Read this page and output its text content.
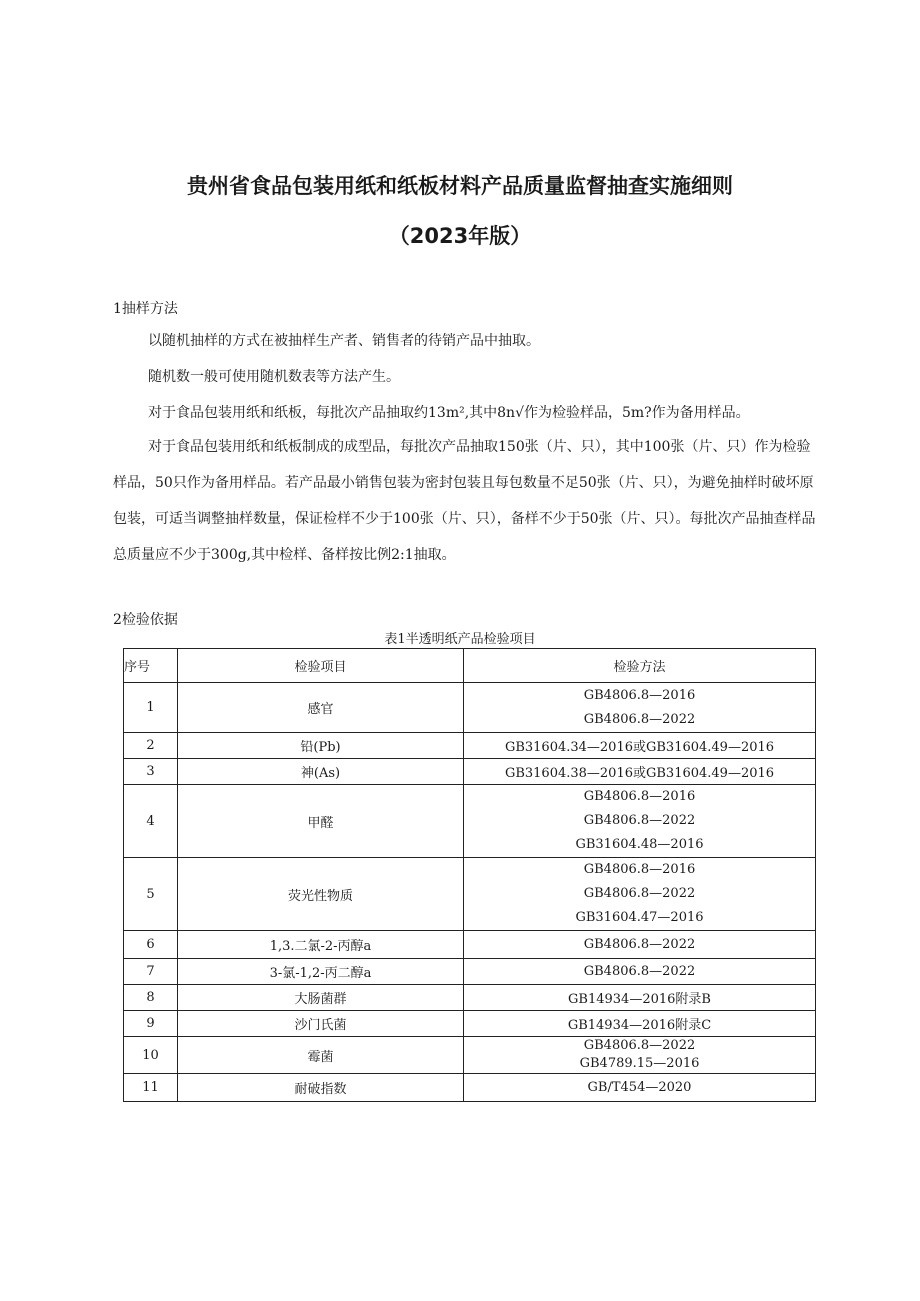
贵州省食品包装用纸和纸板材料产品质量监督抽查实施细则
（2023年版）
1抽样方法
以随机抽样的方式在被抽样生产者、销售者的待销产品中抽取。
随机数一般可使用随机数表等方法产生。
对于食品包装用纸和纸板，每批次产品抽取约13m²,其中8n√作为检验样品，5m?作为备用样品。
对于食品包装用纸和纸板制成的成型品，每批次产品抽取150张（片、只），其中100张（片、只）作为检验样品，50只作为备用样品。若产品最小销售包装为密封包装且每包数量不足50张（片、只），为避免抽样时破坏原包装，可适当调整抽样数量，保证检样不少于100张（片、只），备样不少于50张（片、只）。每批次产品抽查样品总质量应不少于300g,其中检样、备样按比例2:1抽取。
2检验依据
表1半透明纸产品检验项目
序号	检验项目	检验方法
1	感官	GB4806.8—2016
GB4806.8—2022

2	铅(Pb)	GB31604.34—2016或GB31604.49—2016

3	神(As)	GB31604.38—2016或GB31604.49—2016

4	甲醛	GB4806.8—2016
GB4806.8—2022
GB31604.48—2016

5	荧光性物质	GB4806.8—2016
GB4806.8—2022
GB31604.47—2016

6	1,3.二氯-2-丙醇a	GB4806.8—2022

7	3-氯-1,2-丙二醇a	GB4806.8—2022

8	大肠菌群	GB14934—2016附录B

9	沙门氏菌	GB14934—2016附录C

10	霉菌	GB4806.8—2022
GB4789.15—2016

11	耐破指数	GB/T454—2020
